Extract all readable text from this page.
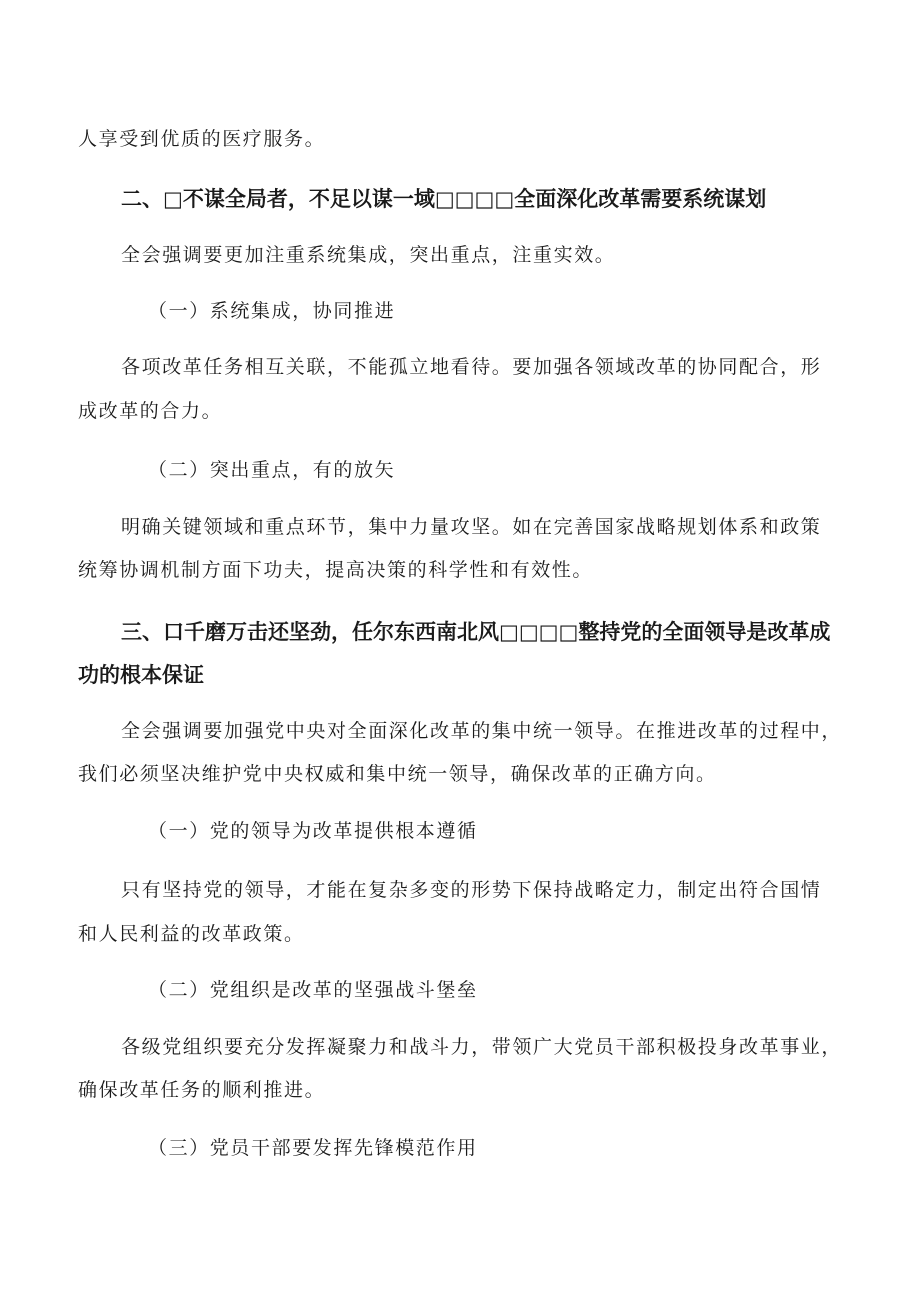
人享受到优质的医疗服务。
二、□不谋全局者，不足以谋一域□□□□全面深化改革需要系统谋划
全会强调要更加注重系统集成，突出重点，注重实效。
（一）系统集成，协同推进
各项改革任务相互关联，不能孤立地看待。要加强各领域改革的协同配合，形
成改革的合力。
（二）突出重点，有的放矢
明确关键领域和重点环节，集中力量攻坚。如在完善国家战略规划体系和政策
统筹协调机制方面下功夫，提高决策的科学性和有效性。
三、口千磨万击还坚劲，任尔东西南北风□□□□整持党的全面领导是改革成
功的根本保证
全会强调要加强党中央对全面深化改革的集中统一领导。在推进改革的过程中，
我们必须坚决维护党中央权威和集中统一领导，确保改革的正确方向。
（一）党的领导为改革提供根本遵循
只有坚持党的领导，才能在复杂多变的形势下保持战略定力，制定出符合国情
和人民利益的改革政策。
（二）党组织是改革的坚强战斗堡垒
各级党组织要充分发挥凝聚力和战斗力，带领广大党员干部积极投身改革事业，
确保改革任务的顺利推进。
（三）党员干部要发挥先锋模范作用
